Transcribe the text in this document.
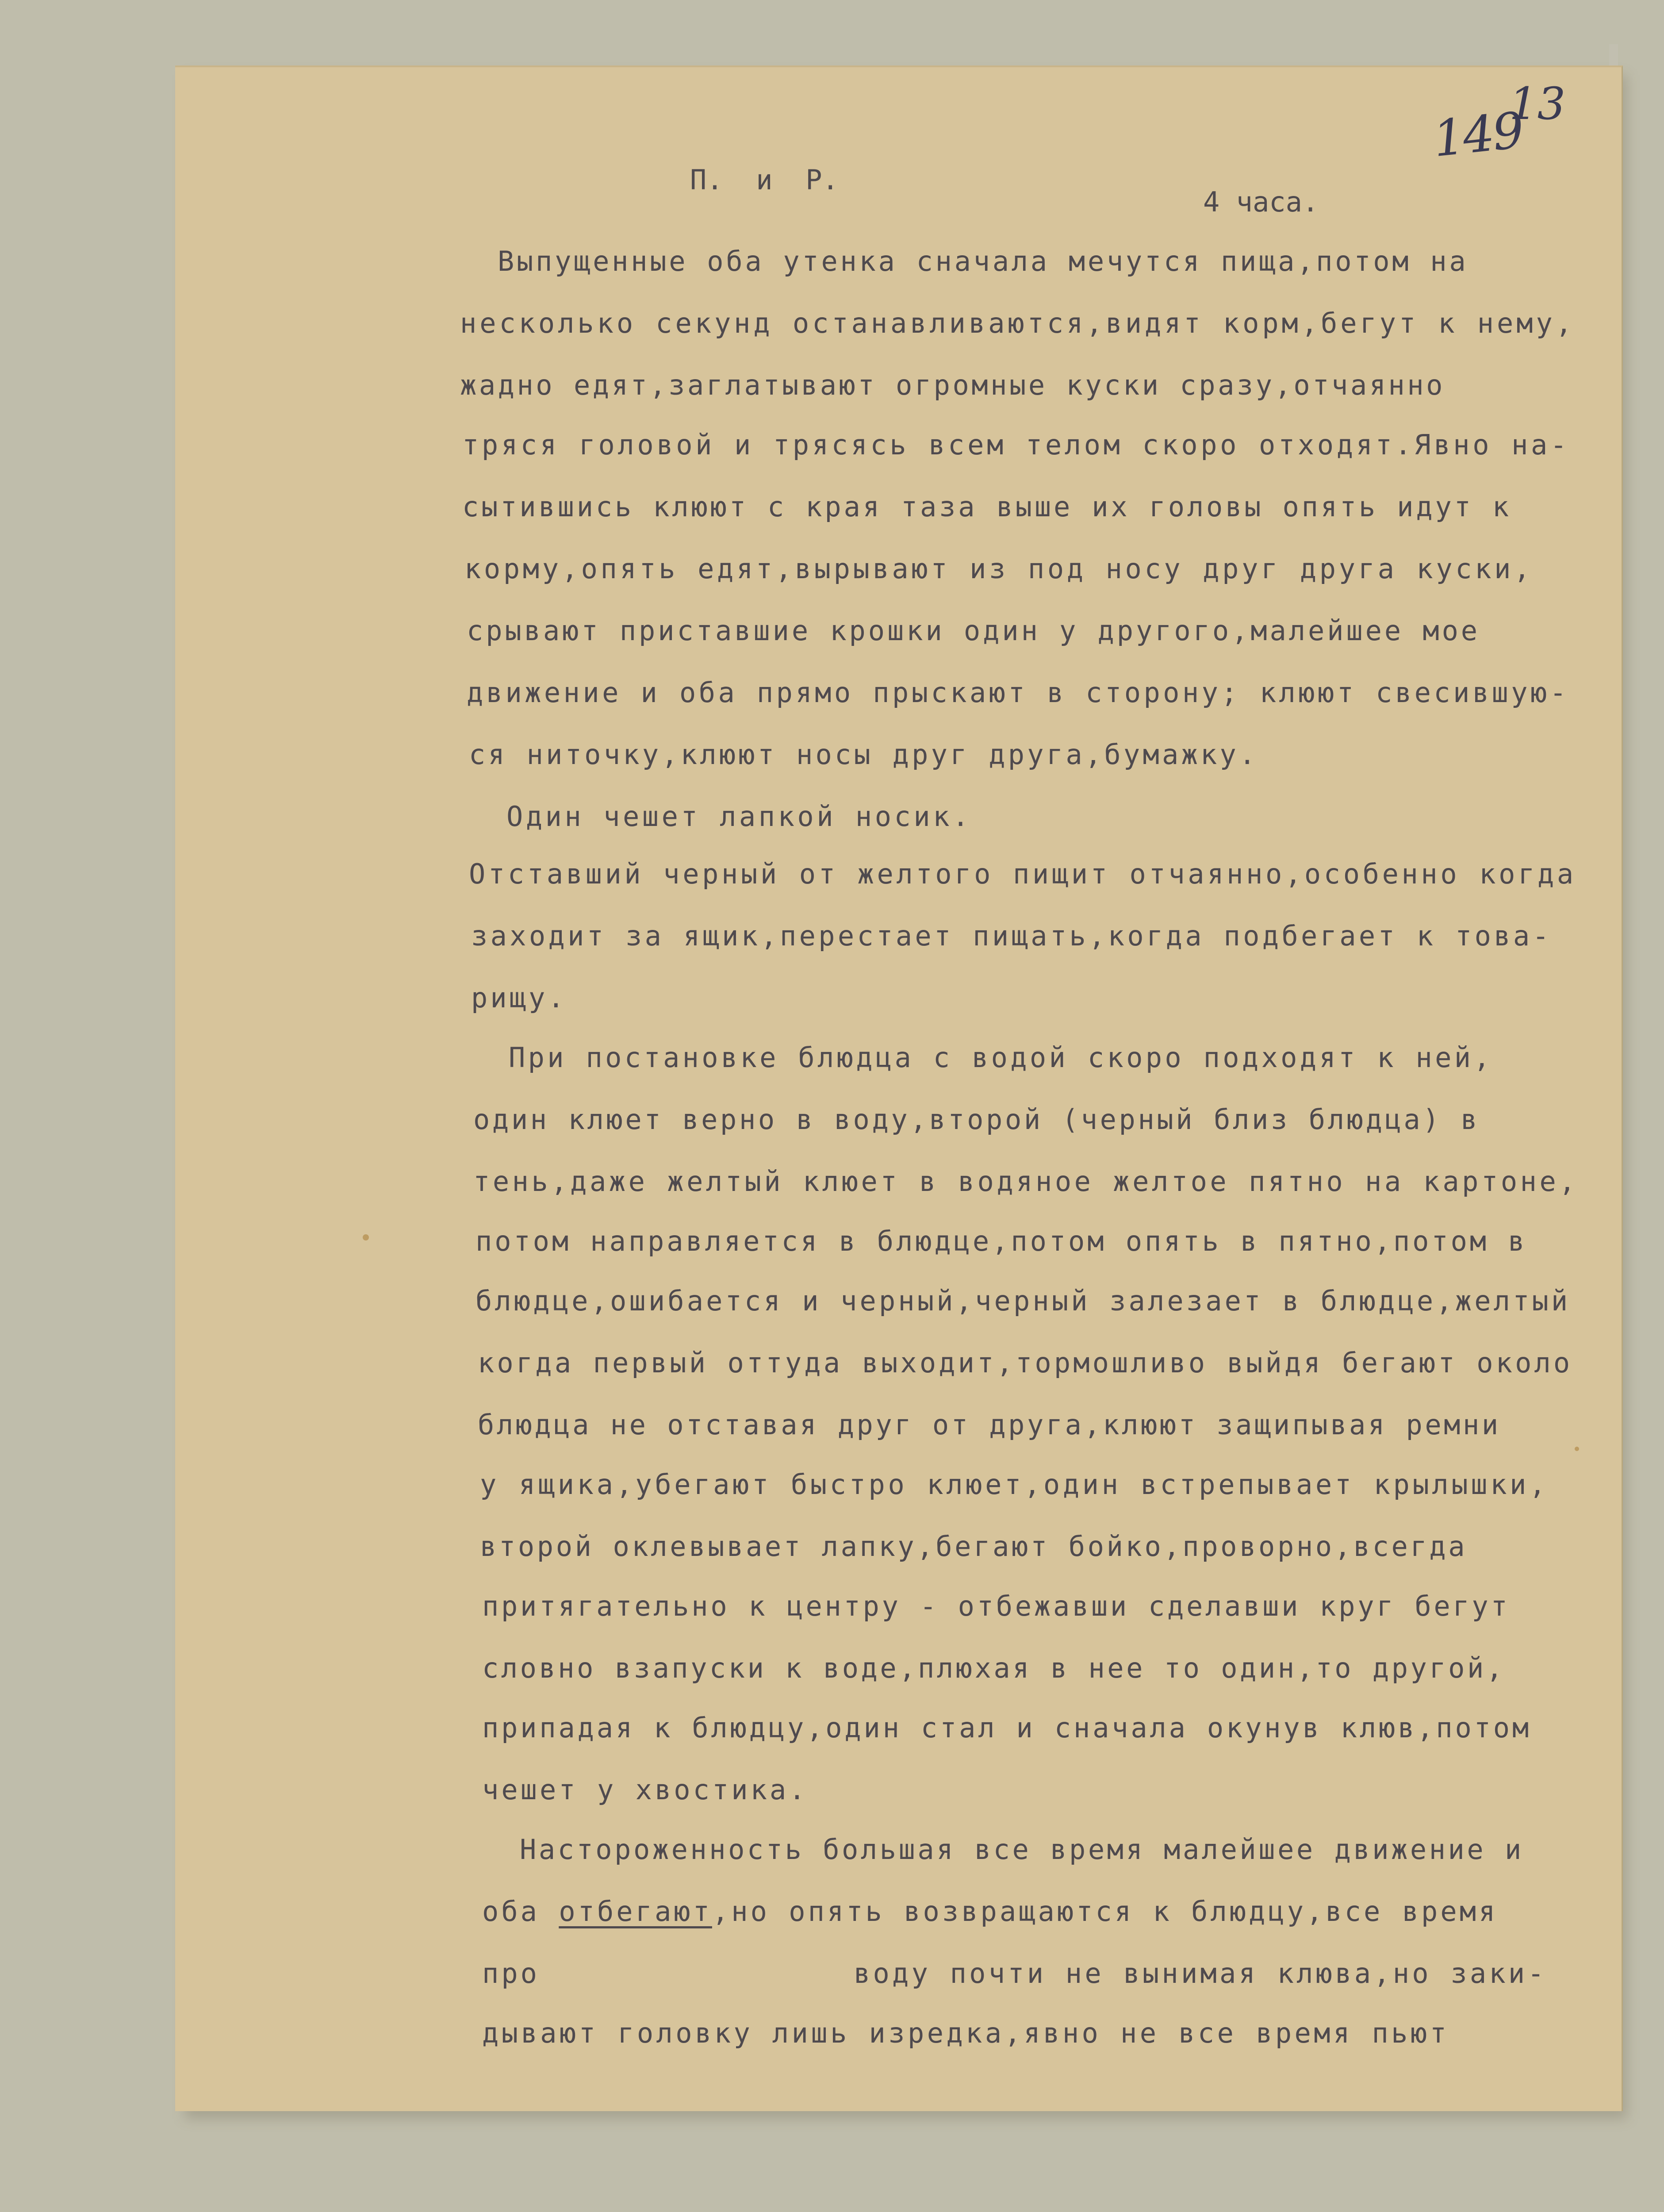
13
149

П.  и  Р.

4 часа.

Выпущенные оба утенка сначала мечутся пища,потом на

несколько секунд останавливаются,видят корм,бегут к нему,

жадно едят,заглатывают огромные куски сразу,отчаянно

тряся головой и трясясь всем телом скоро отходят.Явно на-

сытившись клюют с края таза выше их головы опять идут к

корму,опять едят,вырывают из под носу друг друга куски,

срывают приставшие крошки один у другого,малейшее мое

движение и оба прямо прыскают в сторону; клюют свесившую-

ся ниточку,клюют носы друг друга,бумажку.

Один чешет лапкой носик.

Отставший черный от желтого пищит отчаянно,особенно когда

заходит за ящик,перестает пищать,когда подбегает к това-

рищу.

При постановке блюдца с водой скоро подходят к ней,

один клюет верно в воду,второй (черный близ блюдца) в

тень,даже желтый клюет в водяное желтое пятно на картоне,

потом направляется в блюдце,потом опять в пятно,потом в

блюдце,ошибается и черный,черный залезает в блюдце,желтый

когда первый оттуда выходит,тормошливо выйдя бегают около

блюдца не отставая друг от друга,клюют защипывая ремни

у ящика,убегают быстро клюет,один встрепывает крылышки,

второй оклевывает лапку,бегают бойко,проворно,всегда

притягательно к центру - отбежавши сделавши круг бегут

словно взапуски к воде,плюхая в нее то один,то другой,

припадая к блюдцу,один стал и сначала окунув клюв,потом

чешет у хвостика.

Настороженность большая все время малейшее движение и

оба отбегают,но опять возвращаются к блюдцу,все время

про	воду почти не вынимая клюва,но заки-

дывают головку лишь изредка,явно не все время пьют
